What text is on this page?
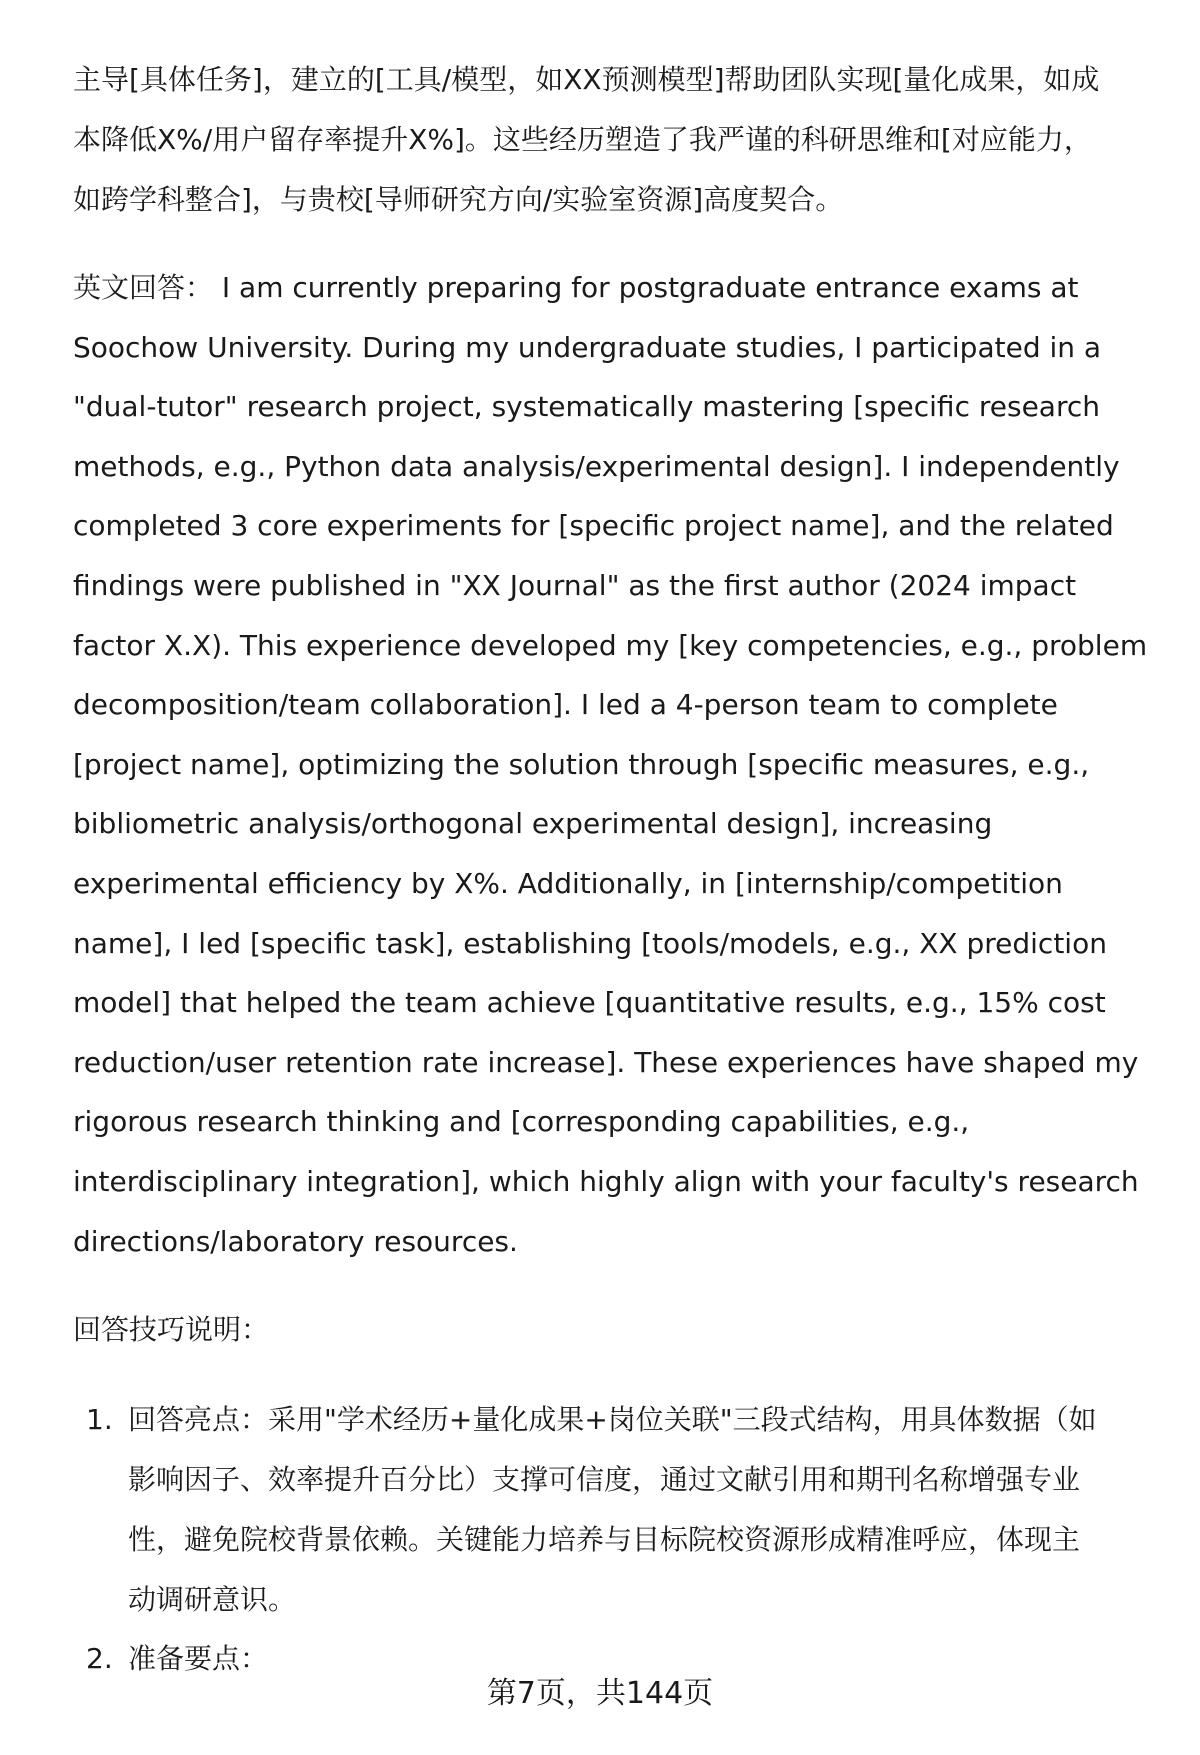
主导[具体任务]，建立的[工具/模型，如XX预测模型]帮助团队实现[量化成果，如成
本降低X%/用户留存率提升X%]。这些经历塑造了我严谨的科研思维和[对应能力，
如跨学科整合]，与贵校[导师研究方向/实验室资源]高度契合。
英文回答： I am currently preparing for postgraduate entrance exams at
Soochow University. During my undergraduate studies, I participated in a
"dual-tutor" research project, systematically mastering [specific research
methods, e.g., Python data analysis/experimental design]. I independently
completed 3 core experiments for [specific project name], and the related
findings were published in "XX Journal" as the first author (2024 impact
factor X.X). This experience developed my [key competencies, e.g., problem
decomposition/team collaboration]. I led a 4-person team to complete
[project name], optimizing the solution through [specific measures, e.g.,
bibliometric analysis/orthogonal experimental design], increasing
experimental efficiency by X%. Additionally, in [internship/competition
name], I led [specific task], establishing [tools/models, e.g., XX prediction
model] that helped the team achieve [quantitative results, e.g., 15% cost
reduction/user retention rate increase]. These experiences have shaped my
rigorous research thinking and [corresponding capabilities, e.g.,
interdisciplinary integration], which highly align with your faculty's research
directions/laboratory resources.
回答技巧说明：
1. 回答亮点：采用"学术经历+量化成果+岗位关联"三段式结构，用具体数据（如
影响因子、效率提升百分比）支撑可信度，通过文献引用和期刊名称增强专业
性，避免院校背景依赖。关键能力培养与目标院校资源形成精准呼应，体现主
动调研意识。
2. 准备要点：
第7页，共144页
